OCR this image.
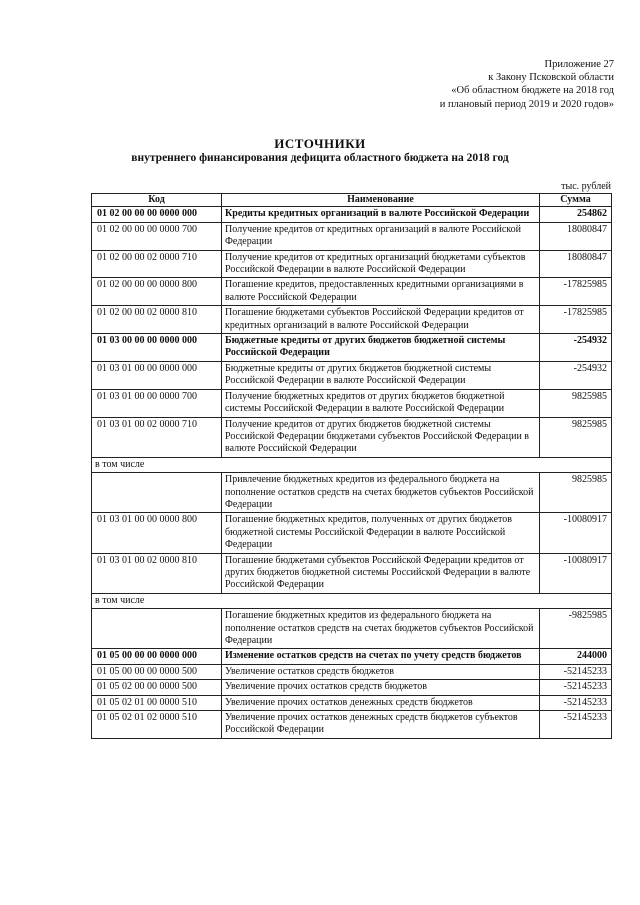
Приложение 27
к Закону Псковской области
«Об областном бюджете на 2018 год
и плановый период 2019 и 2020 годов»
ИСТОЧНИКИ
внутреннего финансирования дефицита областного бюджета на 2018 год
тыс. рублей
Код	Наименование	Сумма
01 02 00 00 00 0000 000	Кредиты кредитных организаций в валюте Российской Федерации	254862
01 02 00 00 00 0000 700	Получение кредитов от кредитных организаций в валюте Российской Федерации	18080847
01 02 00 00 02 0000 710	Получение кредитов от кредитных организаций бюджетами субъектов Российской Федерации в валюте Российской Федерации	18080847
01 02 00 00 00 0000 800	Погашение кредитов, предоставленных кредитными организациями в валюте Российской Федерации	-17825985
01 02 00 00 02 0000 810	Погашение бюджетами субъектов Российской Федерации кредитов от кредитных организаций в валюте Российской Федерации	-17825985
01 03 00 00 00 0000 000	Бюджетные кредиты от других бюджетов бюджетной системы Российской Федерации	-254932
01 03 01 00 00 0000 000	Бюджетные кредиты от других бюджетов бюджетной системы Российской Федерации в валюте Российской Федерации	-254932
01 03 01 00 00 0000 700	Получение бюджетных кредитов от других бюджетов бюджетной системы Российской Федерации в валюте Российской Федерации	9825985
01 03 01 00 02 0000 710	Получение кредитов от других бюджетов бюджетной системы Российской Федерации бюджетами субъектов Российской Федерации в валюте Российской Федерации	9825985
в том числе		
	Привлечение бюджетных кредитов из федерального бюджета на пополнение остатков средств на счетах бюджетов субъектов Российской Федерации	9825985
01 03 01 00 00 0000 800	Погашение бюджетных кредитов, полученных от других бюджетов бюджетной системы Российской Федерации в валюте Российской Федерации	-10080917
01 03 01 00 02 0000 810	Погашение бюджетами субъектов Российской Федерации кредитов от других бюджетов бюджетной системы Российской Федерации в валюте Российской Федерации	-10080917
в том числе		
	Погашение бюджетных кредитов из федерального бюджета на пополнение остатков средств на счетах бюджетов субъектов Российской Федерации	-9825985
01 05 00 00 00 0000 000	Изменение остатков средств на счетах по учету средств бюджетов	244000
01 05 00 00 00 0000 500	Увеличение остатков средств бюджетов	-52145233
01 05 02 00 00 0000 500	Увеличение прочих остатков средств бюджетов	-52145233
01 05 02 01 00 0000 510	Увеличение прочих остатков денежных средств бюджетов	-52145233
01 05 02 01 02 0000 510	Увеличение прочих остатков денежных средств бюджетов субъектов Российской Федерации	-52145233
